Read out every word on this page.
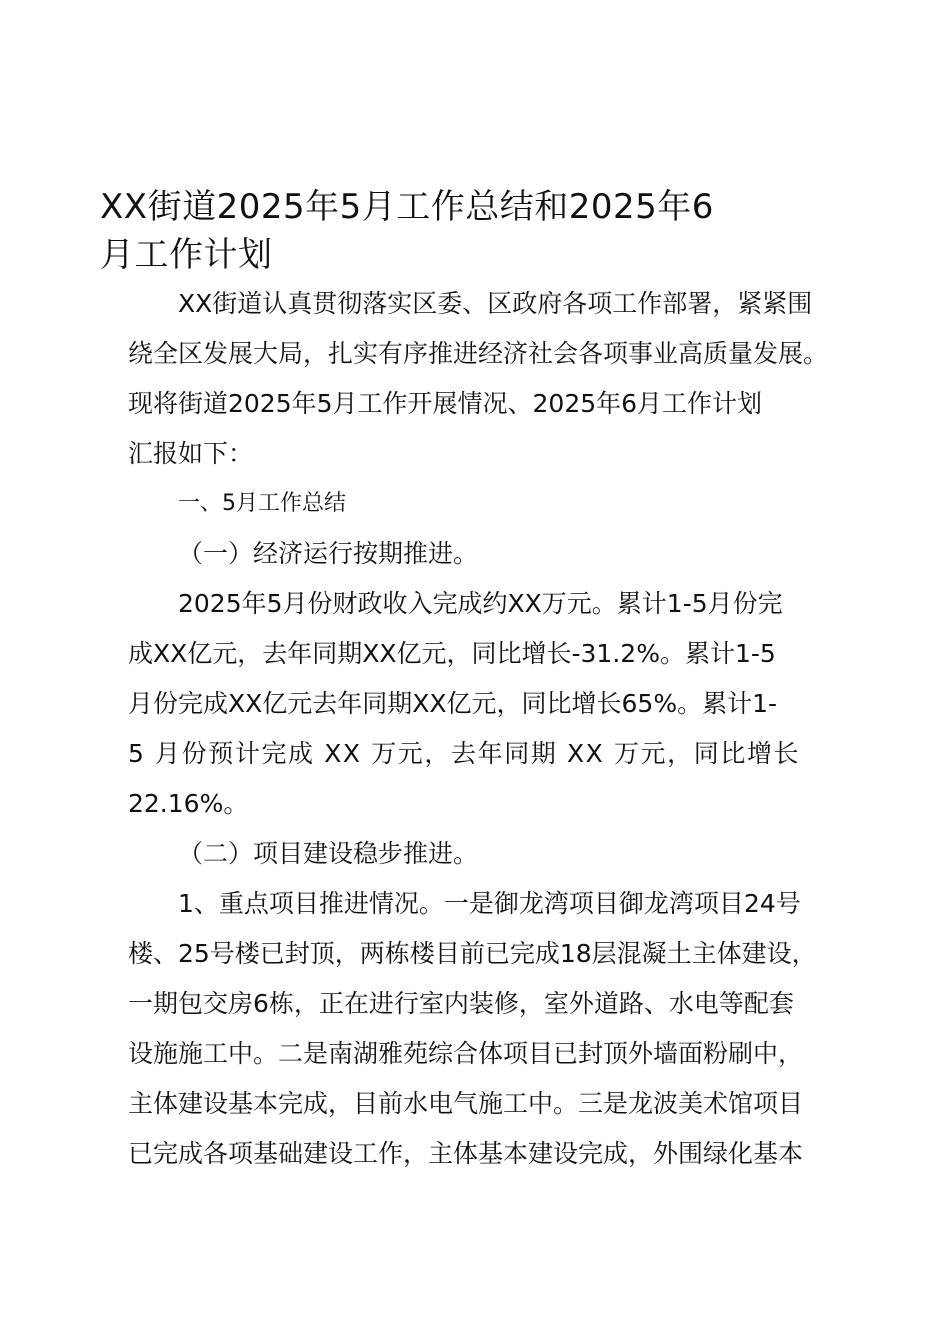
XX街道2025年5月工作总结和2025年6
月工作计划
XX街道认真贯彻落实区委、区政府各项工作部署，紧紧围
绕全区发展大局，扎实有序推进经济社会各项事业高质量发展。
现将街道2025年5月工作开展情况、2025年6月工作计划
汇报如下：
一、5月工作总结
（一）经济运行按期推进。
2025年5月份财政收入完成约XX万元。累计1-5月份完
成XX亿元，去年同期XX亿元，同比增长-31.2%。累计1-5
月份完成XX亿元去年同期XX亿元，同比增长65%。累计1-
5 月份预计完成 XX 万元，去年同期 XX 万元，同比增长
22.16%。
（二）项目建设稳步推进。
1、重点项目推进情况。一是御龙湾项目御龙湾项目24号
楼、25号楼已封顶，两栋楼目前已完成18层混凝土主体建设，
一期包交房6栋，正在进行室内装修，室外道路、水电等配套
设施施工中。二是南湖雅苑综合体项目已封顶外墙面粉刷中，
主体建设基本完成，目前水电气施工中。三是龙波美术馆项目
已完成各项基础建设工作，主体基本建设完成，外围绿化基本
